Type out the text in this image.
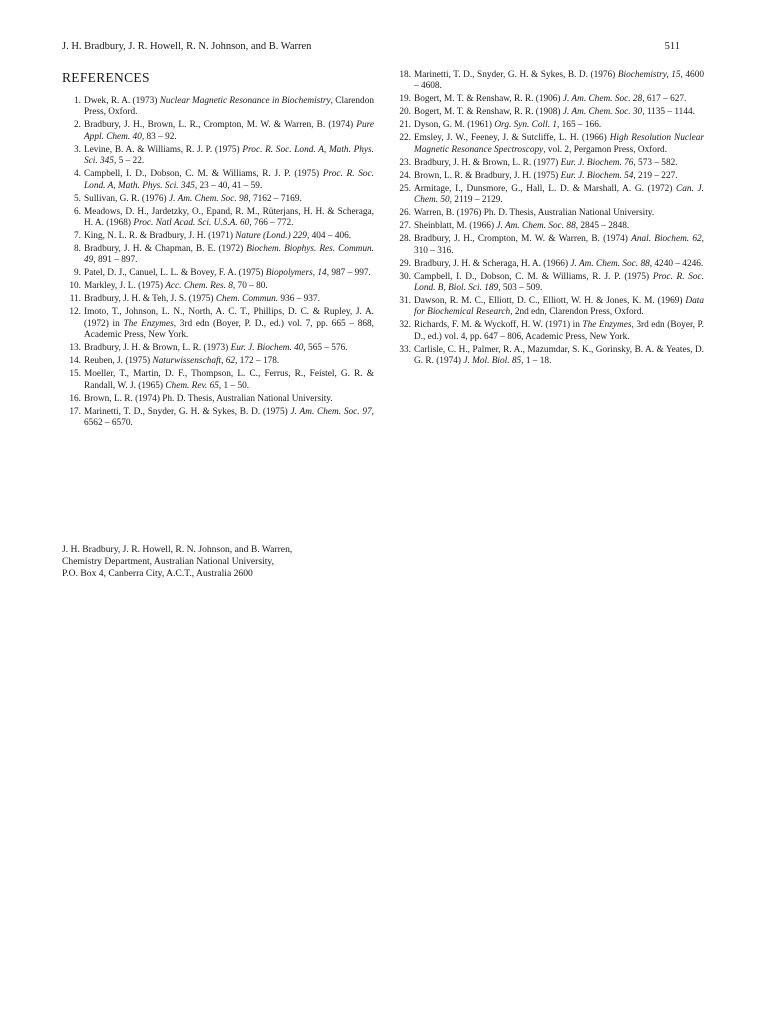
J. H. Bradbury, J. R. Howell, R. N. Johnson, and B. Warren	511
REFERENCES
1. Dwek, R. A. (1973) Nuclear Magnetic Resonance in Biochemistry, Clarendon Press, Oxford.
2. Bradbury, J. H., Brown, L. R., Crompton, M. W. & Warren, B. (1974) Pure Appl. Chem. 40, 83 – 92.
3. Levine, B. A. & Williams, R. J. P. (1975) Proc. R. Soc. Lond. A, Math. Phys. Sci. 345, 5 – 22.
4. Campbell, I. D., Dobson, C. M. & Williams, R. J. P. (1975) Proc. R. Soc. Lond. A, Math. Phys. Sci. 345, 23 – 40, 41 – 59.
5. Sullivan, G. R. (1976) J. Am. Chem. Soc. 98, 7162 – 7169.
6. Meadows, D. H., Jardetzky, O., Epand, R. M., Rüterjans, H. H. & Scheraga, H. A. (1968) Proc. Natl Acad. Sci. U.S.A. 60, 766 – 772.
7. King, N. L. R. & Bradbury, J. H. (1971) Nature (Lond.) 229, 404 – 406.
8. Bradbury, J. H. & Chapman, B. E. (1972) Biochem. Biophys. Res. Commun. 49, 891 – 897.
9. Patel, D. J., Canuel, L. L. & Bovey, F. A. (1975) Biopolymers, 14, 987 – 997.
10. Markley, J. L. (1975) Acc. Chem. Res. 8, 70 – 80.
11. Bradbury, J. H. & Teh, J. S. (1975) Chem. Commun. 936 – 937.
12. Imoto, T., Johnson, L. N., North, A. C. T., Phillips, D. C. & Rupley, J. A. (1972) in The Enzymes, 3rd edn (Boyer, P. D., ed.) vol. 7, pp. 665 – 868, Academic Press, New York.
13. Bradbury, J. H. & Brown, L. R. (1973) Eur. J. Biochem. 40, 565 – 576.
14. Reuben, J. (1975) Naturwissenschaft, 62, 172 – 178.
15. Moeller, T., Martin, D. F., Thompson, L. C., Ferrus, R., Feistel, G. R. & Randall, W. J. (1965) Chem. Rev. 65, 1 – 50.
16. Brown, L. R. (1974) Ph. D. Thesis, Australian National University.
17. Marinetti, T. D., Snyder, G. H. & Sykes, B. D. (1975) J. Am. Chem. Soc. 97, 6562 – 6570.
18. Marinetti, T. D., Snyder, G. H. & Sykes, B. D. (1976) Biochemistry, 15, 4600 – 4608.
19. Bogert, M. T. & Renshaw, R. R. (1906) J. Am. Chem. Soc. 28, 617 – 627.
20. Bogert, M. T. & Renshaw, R. R. (1908) J. Am. Chem. Soc. 30, 1135 – 1144.
21. Dyson, G. M. (1961) Org. Syn. Coll. 1, 165 – 166.
22. Emsley, J. W., Feeney, J. & Sutcliffe, L. H. (1966) High Resolution Nuclear Magnetic Resonance Spectroscopy, vol. 2, Pergamon Press, Oxford.
23. Bradbury, J. H. & Brown, L. R. (1977) Eur. J. Biochem. 76, 573 – 582.
24. Brown, L. R. & Bradbury, J. H. (1975) Eur. J. Biochem. 54, 219 – 227.
25. Armitage, I., Dunsmore, G., Hall, L. D. & Marshall, A. G. (1972) Can. J. Chem. 50, 2119 – 2129.
26. Warren, B. (1976) Ph. D. Thesis, Australian National University.
27. Sheinblatt, M. (1966) J. Am. Chem. Soc. 88, 2845 – 2848.
28. Bradbury, J. H., Crompton, M. W. & Warren, B. (1974) Anal. Biochem. 62, 310 – 316.
29. Bradbury, J. H. & Scheraga, H. A. (1966) J. Am. Chem. Soc. 88, 4240 – 4246.
30. Campbell, I. D., Dobson, C. M. & Williams, R. J. P. (1975) Proc. R. Soc. Lond. B, Biol. Sci. 189, 503 – 509.
31. Dawson, R. M. C., Elliott, D. C., Elliott, W. H. & Jones, K. M. (1969) Data for Biochemical Research, 2nd edn, Clarendon Press, Oxford.
32. Richards, F. M. & Wyckoff, H. W. (1971) in The Enzymes, 3rd edn (Boyer, P. D., ed.) vol. 4, pp. 647 – 806, Academic Press, New York.
33. Carlisle, C. H., Palmer, R. A., Mazumdar, S. K., Gorinsky, B. A. & Yeates, D. G. R. (1974) J. Mol. Biol. 85, 1 – 18.
J. H. Bradbury, J. R. Howell, R. N. Johnson, and B. Warren,
Chemistry Department, Australian National University,
P.O. Box 4, Canberra City, A.C.T., Australia 2600
